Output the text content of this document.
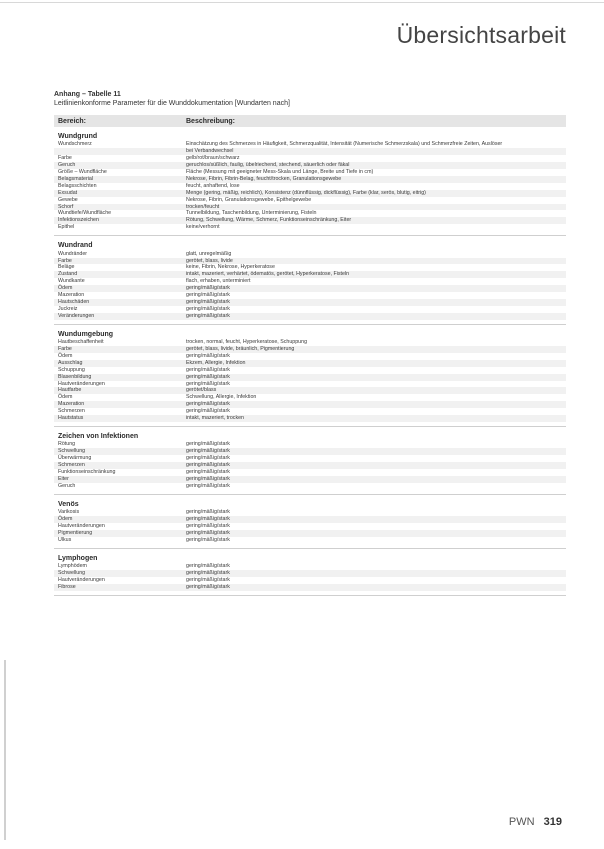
Übersichtsarbeit
Anhang – Tabelle 11
Leitlinienkonforme Parameter für die Wunddokumentation [Wundarten nach]
Bereich:	Beschreibung:
Wundgrund
Wundschmerz	Einschätzung des Schmerzes in Häufigkeit, Schmerzqualität, Intensität (Numerische Schmerzskala) und Schmerzfreie Zeiten, Auslöser
bei Verbandwechsel
Farbe	gelb/rot/braun/schwarz
Geruch	geruchlos/süßlich, faulig, übelriechend, stechend, säuerlich oder fäkal
Größe – Wundfläche	Fläche (Messung mit geeigneter Mess-Skala und Länge, Breite und Tiefe in cm)
Belagsmaterial	Nekrose, Fibrin, Fibrin-Belag, feucht/trocken, Granulationsgewebe
Belagsschichten	feucht, anhaftend, lose
Exsudat	Menge (gering, mäßig, reichlich), Konsistenz (dünnflüssig, dickflüssig), Farbe (klar, serös, blutig, eitrig)
Gewebe	Nekrose, Fibrin, Granulationsgewebe, Epithelgewebe
Schorf	trocken/feucht
Wundtiefe/Wundfläche	Tunnelbildung, Taschenbildung, Unterminierung, Fisteln
Infektionszeichen	Rötung, Schwellung, Wärme, Schmerz, Funktionseinschränkung, Eiter
Epithel	keine/verhornt
Wundrand
Wundränder	glatt, unregelmäßig
Farbe	gerötet, blass, livide
Beläge	keine, Fibrin, Nekrose, Hyperkeratose
Zustand	intakt, mazeriert, verhärtet, ödematös, gerötet, Hyperkeratose, Fisteln
Wundkante	flach, erhaben, unterminiert
Ödem	gering/mäßig/stark
Mazeration	gering/mäßig/stark
Hautschäden	gering/mäßig/stark
Juckreiz	gering/mäßig/stark
Veränderungen	gering/mäßig/stark
Wundumgebung
Hautbeschaffenheit	trocken, normal, feucht, Hyperkeratose, Schuppung
Farbe	gerötet, blass, livide, bräunlich, Pigmentierung
Ödem	gering/mäßig/stark
Ausschlag	Ekzem, Allergie, Infektion
Schuppung	gering/mäßig/stark
Blasenbildung	gering/mäßig/stark
Hautveränderungen	gering/mäßig/stark
Hautfarbe	gerötet/blass
Ödem	Schwellung, Allergie, Infektion
Mazeration	gering/mäßig/stark
Schmerzen	gering/mäßig/stark
Hautstatus	intakt, mazeriert, trocken
Zeichen von Infektionen
Rötung	gering/mäßig/stark
Schwellung	gering/mäßig/stark
Überwärmung	gering/mäßig/stark
Schmerzen	gering/mäßig/stark
Funktionseinschränkung	gering/mäßig/stark
Eiter	gering/mäßig/stark
Geruch	gering/mäßig/stark
Venös
Varikosis	gering/mäßig/stark
Ödem	gering/mäßig/stark
Hautveränderungen	gering/mäßig/stark
Pigmentierung	gering/mäßig/stark
Ulkus	gering/mäßig/stark
Lymphogen
Lymphödem	gering/mäßig/stark
Schwellung	gering/mäßig/stark
Hautveränderungen	gering/mäßig/stark
Fibrose	gering/mäßig/stark
PWN 319
